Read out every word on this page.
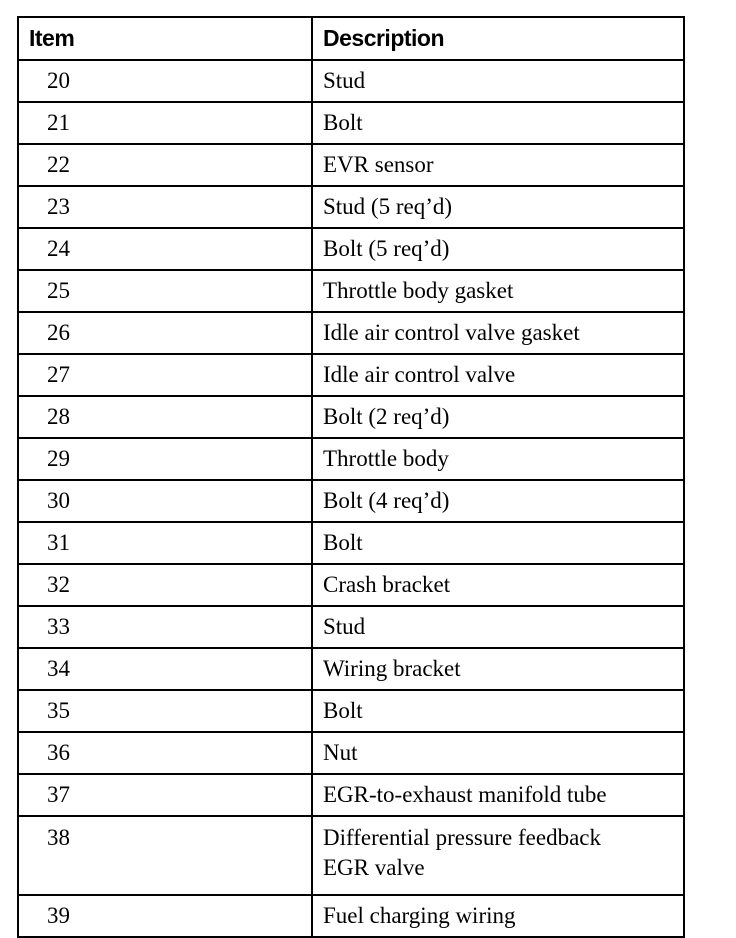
Item	Description
20	Stud
21	Bolt
22	EVR sensor
23	Stud (5 req’d)
24	Bolt (5 req’d)
25	Throttle body gasket
26	Idle air control valve gasket
27	Idle air control valve
28	Bolt (2 req’d)
29	Throttle body
30	Bolt (4 req’d)
31	Bolt
32	Crash bracket
33	Stud
34	Wiring bracket
35	Bolt
36	Nut
37	EGR-to-exhaust manifold tube
38	Differential pressure feedback
EGR valve

39	Fuel charging wiring
